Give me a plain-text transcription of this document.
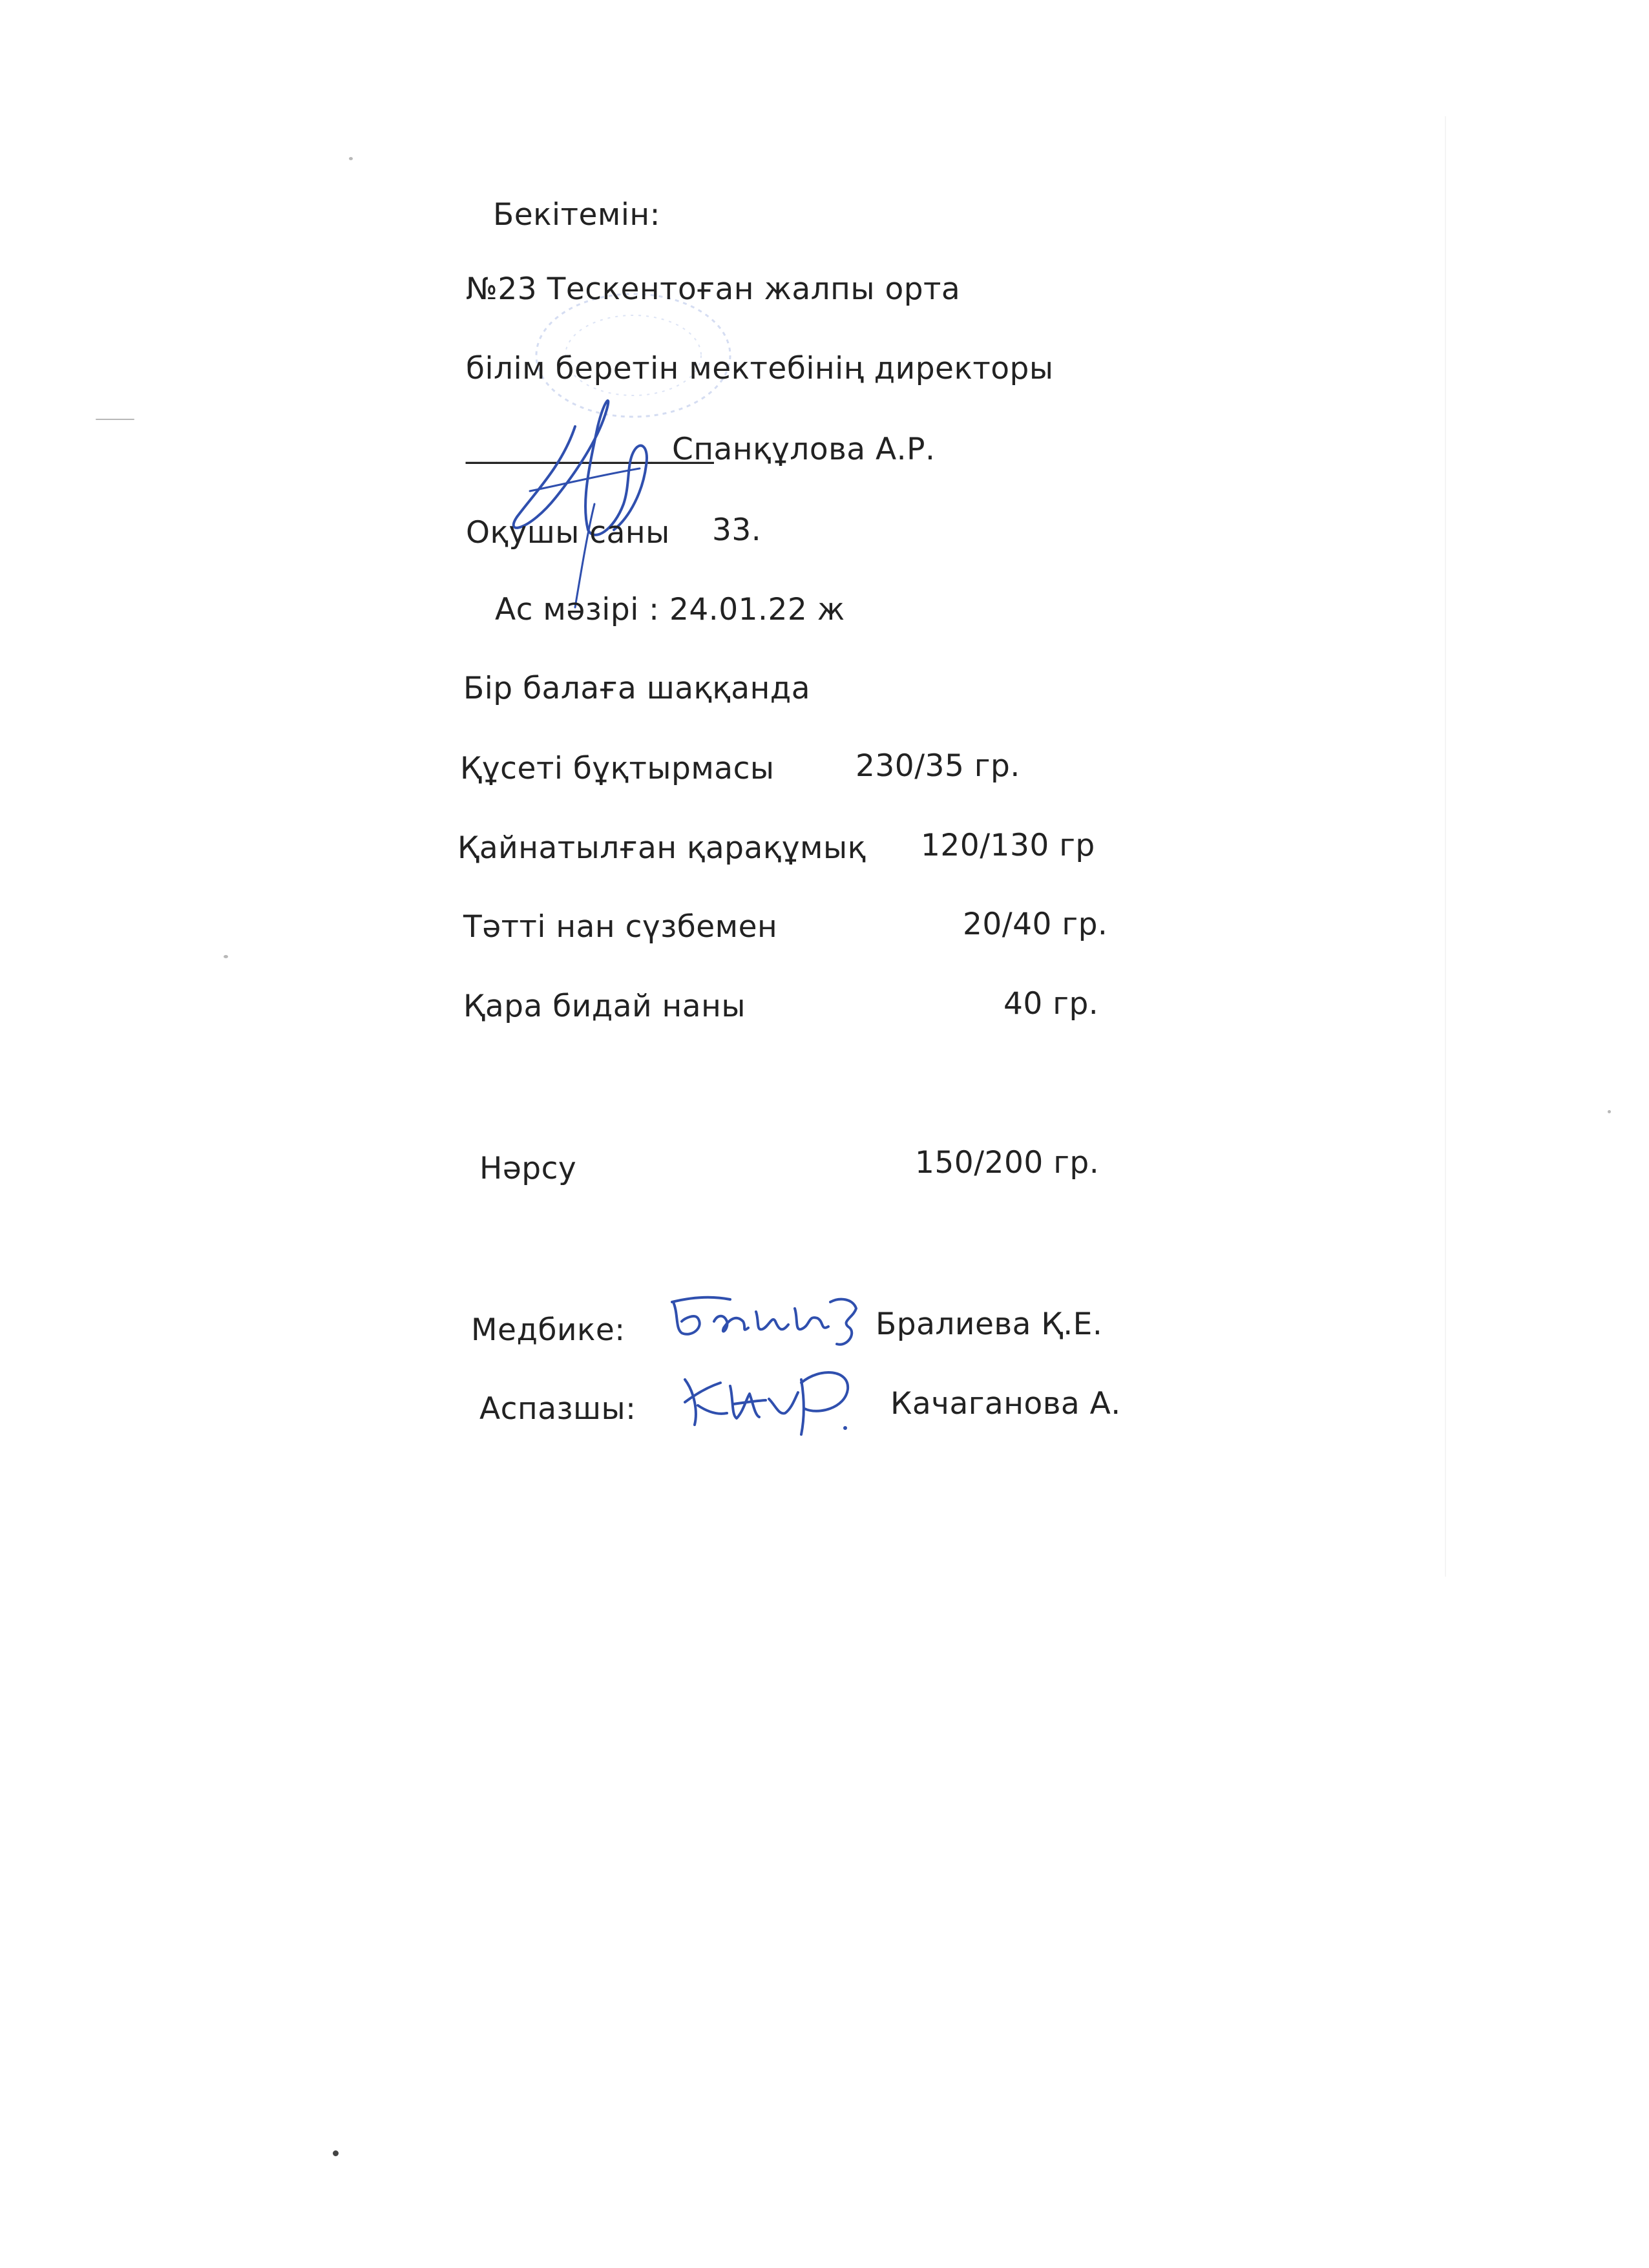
Бекітемін:
№23 Тескентоған жалпы орта
білім беретін мектебінің директоры
________________
Спанқұлова А.Р.
Оқушы саны 33.
Ас мәзірі : 24.01.22 ж
Бір балаға шаққанда
Құсеті бұқтырмасы	230/35 гр.
Қайнатылған қарақұмық 120/130 гр
Тәтті нан сүзбемен	20/40 гр.
Қара бидай наны	40 гр.
Нәрсу	150/200 гр.
Медбике:	Бралиева Қ.Е.
Аспазшы:	Качаганова А.
